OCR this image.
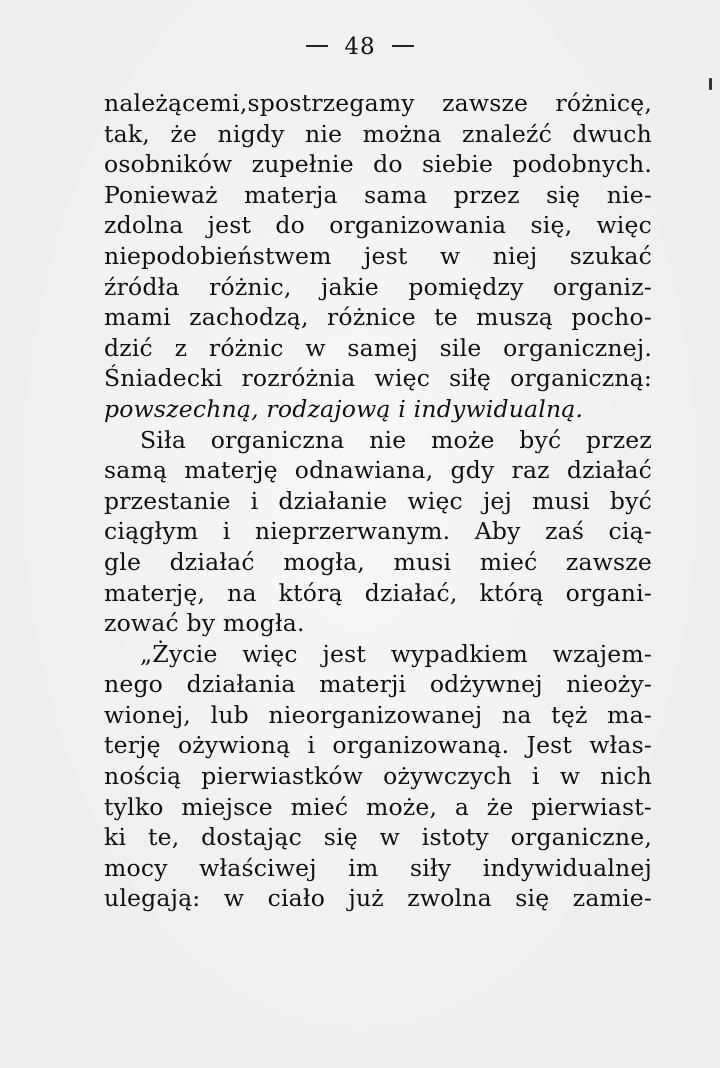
48
należącemi,spostrzegamy zawsze różnicę,
tak, że nigdy nie można znaleźć dwuch
osobników zupełnie do siebie podobnych.
Ponieważ materja sama przez się nie-
zdolna jest do organizowania się, więc
niepodobieństwem jest w niej szukać
źródła różnic, jakie pomiędzy organiz-
mami zachodzą, różnice te muszą pocho-
dzić z różnic w samej sile organicznej.
Śniadecki rozróżnia więc siłę organiczną:
powszechną, rodzajową i indywidualną.
Siła organiczna nie może być przez
samą materję odnawiana, gdy raz działać
przestanie i działanie więc jej musi być
ciągłym i nieprzerwanym. Aby zaś cią-
gle działać mogła, musi mieć zawsze
materję, na którą działać, którą organi-
zować by mogła.
„Życie więc jest wypadkiem wzajem-
nego działania materji odżywnej nieoży-
wionej, lub nieorganizowanej na tęż ma-
terję ożywioną i organizowaną. Jest włas-
nością pierwiastków ożywczych i w nich
tylko miejsce mieć może, a że pierwiast-
ki te, dostając się w istoty organiczne,
mocy właściwej im siły indywidualnej
ulegają: w ciało już zwolna się zamie-
